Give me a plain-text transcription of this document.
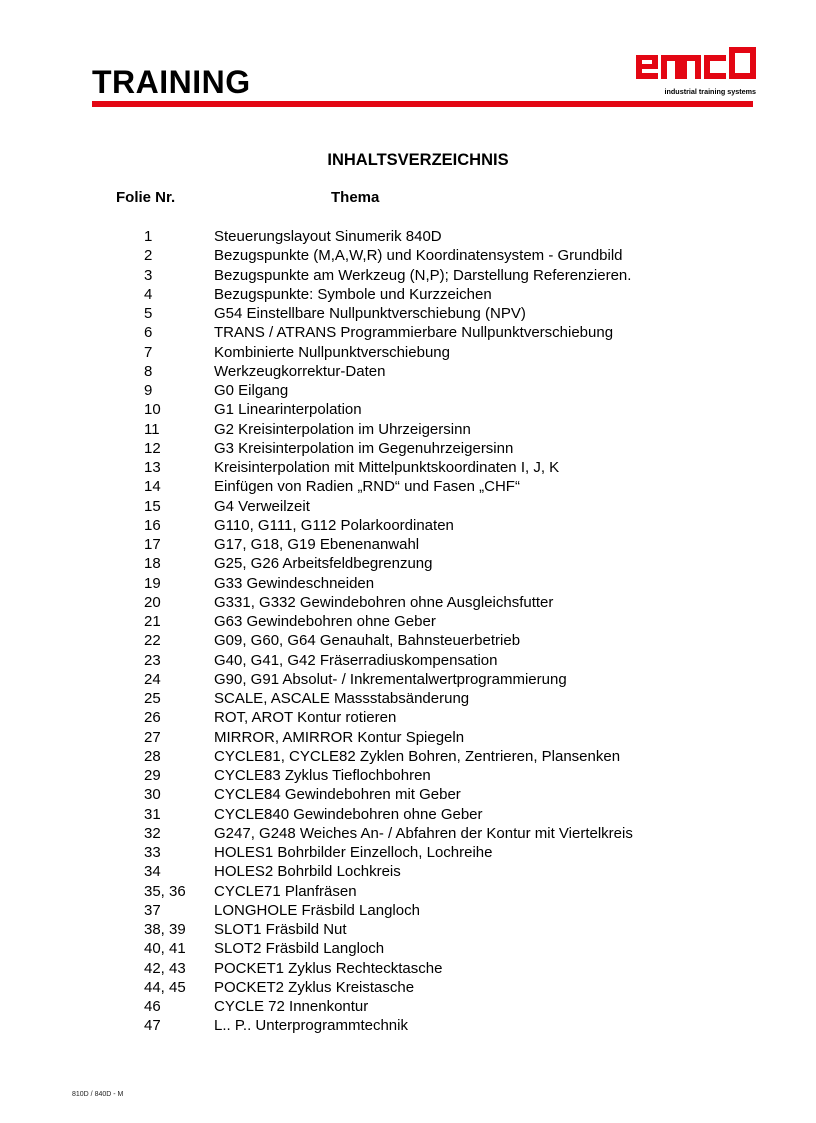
TRAINING	industrial training systems
INHALTSVERZEICHNIS
Folie Nr.	Thema
1	Steuerungslayout Sinumerik 840D
2	Bezugspunkte (M,A,W,R) und Koordinatensystem - Grundbild
3	Bezugspunkte am Werkzeug (N,P); Darstellung Referenzieren.
4	Bezugspunkte: Symbole und Kurzzeichen
5	G54 Einstellbare Nullpunktverschiebung (NPV)
6	TRANS / ATRANS Programmierbare Nullpunktverschiebung
7	Kombinierte Nullpunktverschiebung
8	Werkzeugkorrektur-Daten
9	G0 Eilgang
10	G1 Linearinterpolation
11	G2 Kreisinterpolation im Uhrzeigersinn
12	G3 Kreisinterpolation im Gegenuhrzeigersinn
13	Kreisinterpolation mit Mittelpunktskoordinaten I, J, K
14	Einfügen von Radien „RND“ und Fasen „CHF“
15	G4 Verweilzeit
16	G110, G111, G112 Polarkoordinaten
17	G17, G18, G19 Ebenenanwahl
18	G25, G26 Arbeitsfeldbegrenzung
19	G33 Gewindeschneiden
20	G331, G332 Gewindebohren ohne Ausgleichsfutter
21	G63 Gewindebohren ohne Geber
22	G09, G60, G64 Genauhalt, Bahnsteuerbetrieb
23	G40, G41, G42 Fräserradiuskompensation
24	G90, G91 Absolut- / Inkrementalwertprogrammierung
25	SCALE, ASCALE Massstabsänderung
26	ROT, AROT Kontur rotieren
27	MIRROR, AMIRROR Kontur Spiegeln
28	CYCLE81, CYCLE82 Zyklen Bohren, Zentrieren, Plansenken
29	CYCLE83 Zyklus Tieflochbohren
30	CYCLE84 Gewindebohren mit Geber
31	CYCLE840 Gewindebohren ohne Geber
32	G247, G248 Weiches An- / Abfahren der Kontur mit Viertelkreis
33	HOLES1 Bohrbilder Einzelloch, Lochreihe
34	HOLES2 Bohrbild Lochkreis
35, 36 CYCLE71 Planfräsen
37	LONGHOLE Fräsbild Langloch
38, 39 SLOT1 Fräsbild Nut
40, 41 SLOT2 Fräsbild Langloch
42, 43 POCKET1 Zyklus Rechtecktasche
44, 45 POCKET2 Zyklus Kreistasche
46	CYCLE 72 Innenkontur
47	L.. P.. Unterprogrammtechnik
810D / 840D - M
